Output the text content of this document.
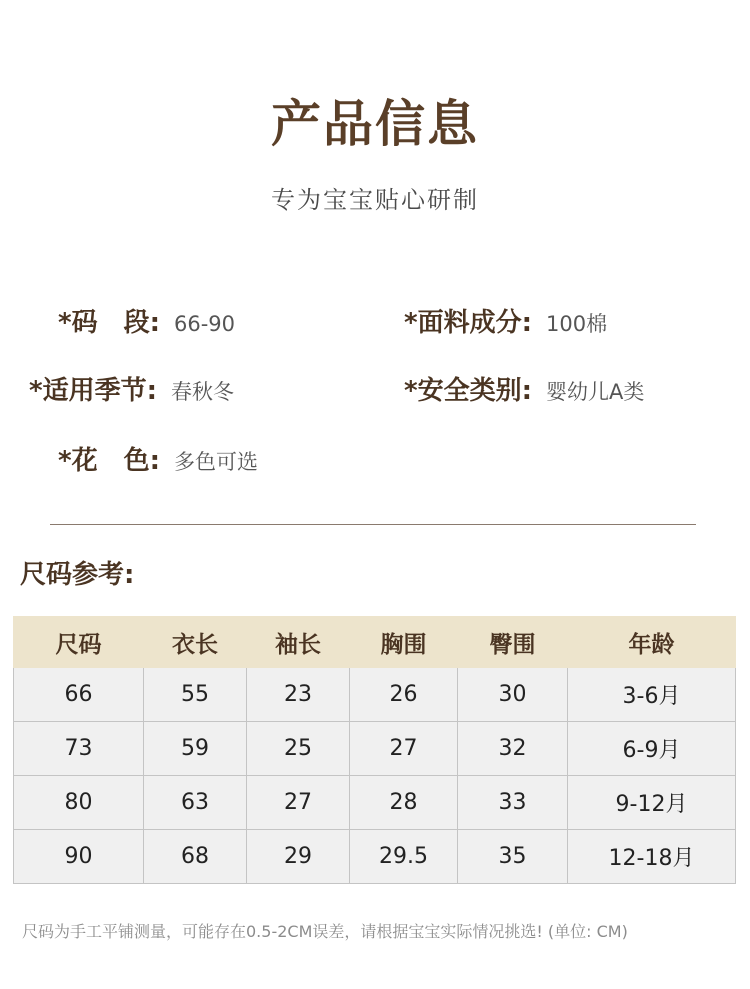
产品信息
专为宝宝贴心研制
*码　段: 66-90	*面料成分: 100棉
*适用季节: 春秋冬	*安全类别: 婴幼儿A类
*花　色: 多色可选
尺码参考:
尺码	衣长	袖长	胸围	臀围	年龄
66	55	23	26	30	3-6月
73	59	25	27	32	6-9月
80	63	27	28	33	9-12月
90	68	29	29.5	35	12-18月
尺码为手工平铺测量，可能存在0.5-2CM误差，请根据宝宝实际情况挑选! (单位: CM)
